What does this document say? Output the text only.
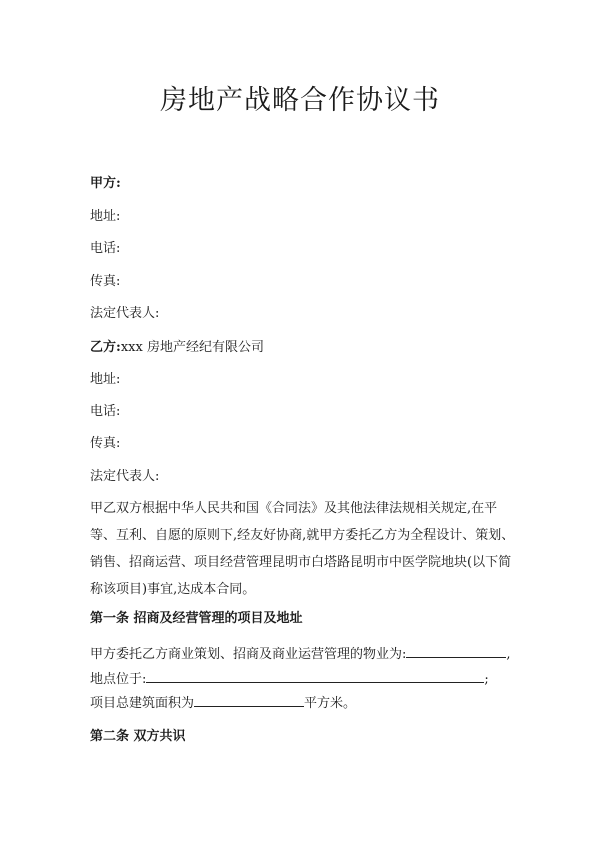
房地产战略合作协议书
甲方:
地址:
电话:
传真:
法定代表人:
乙方:xxx 房地产经纪有限公司
地址:
电话:
传真:
法定代表人:
甲乙双方根据中华人民共和国《合同法》及其他法律法规相关规定,在平等、互利、自愿的原则下,经友好协商,就甲方委托乙方为全程设计、策划、销售、招商运营、项目经营管理昆明市白塔路昆明市中医学院地块(以下简称该项目)事宜,达成本合同。
第一条 招商及经营管理的项目及地址
甲方委托乙方商业策划、招商及商业运营管理的物业为:	,
地点位于:	;
项目总建筑面积为	平方米。
第二条 双方共识
